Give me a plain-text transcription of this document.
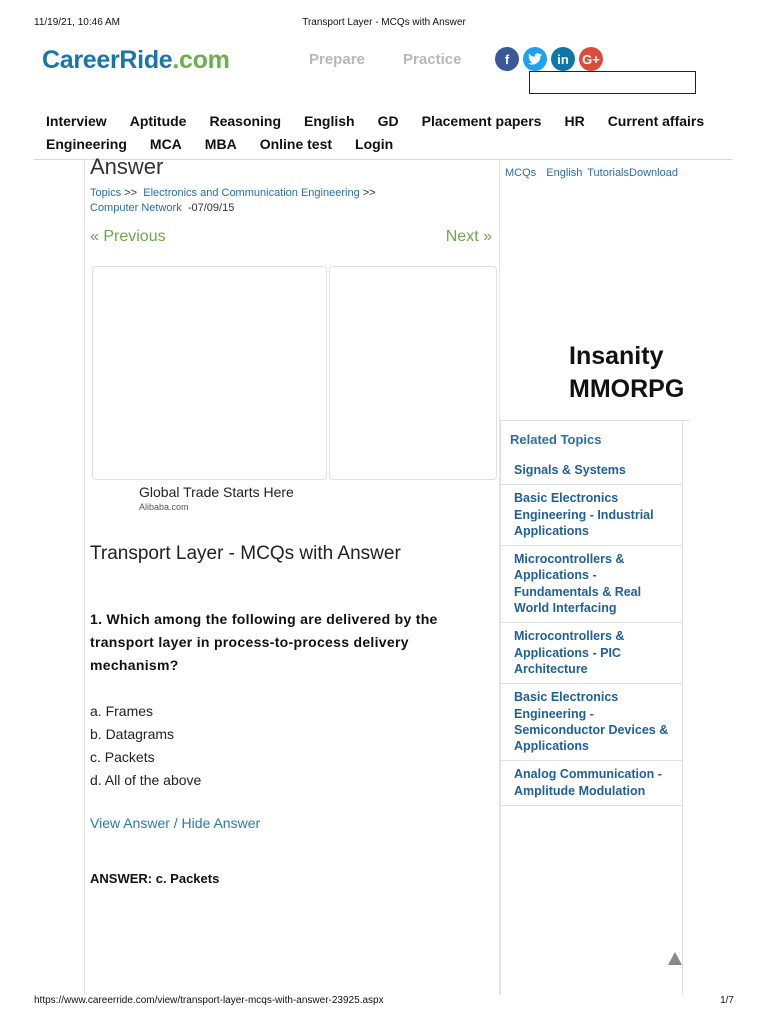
11/19/21, 10:46 AM	Transport Layer - MCQs with Answer
CareerRide.com	Prepare	Practice	f	in	G+
Interview Aptitude Reasoning English GD Placement papers HR Current affairs
Engineering MCA MBA Online test Login
Answer
Topics >> Electronics and Communication Engineering >>
Computer Network -07/09/15
« Previous	Next »
Global Trade Starts Here
Alibaba.com
Transport Layer - MCQs with Answer
1. Which among the following are delivered by the transport layer in process-to-process delivery mechanism?
a. Frames
b. Datagrams
c. Packets
d. All of the above
View Answer / Hide Answer
ANSWER: c. Packets
MCQs English TutorialsDownload
Insanity
MMORPG
Related Topics
Signals & Systems
Basic Electronics Engineering - Industrial Applications
Microcontrollers & Applications - Fundamentals & Real World Interfacing
Microcontrollers & Applications - PIC Architecture
Basic Electronics Engineering - Semiconductor Devices & Applications
Analog Communication - Amplitude Modulation
https://www.careerride.com/view/transport-layer-mcqs-with-answer-23925.aspx	1/7
